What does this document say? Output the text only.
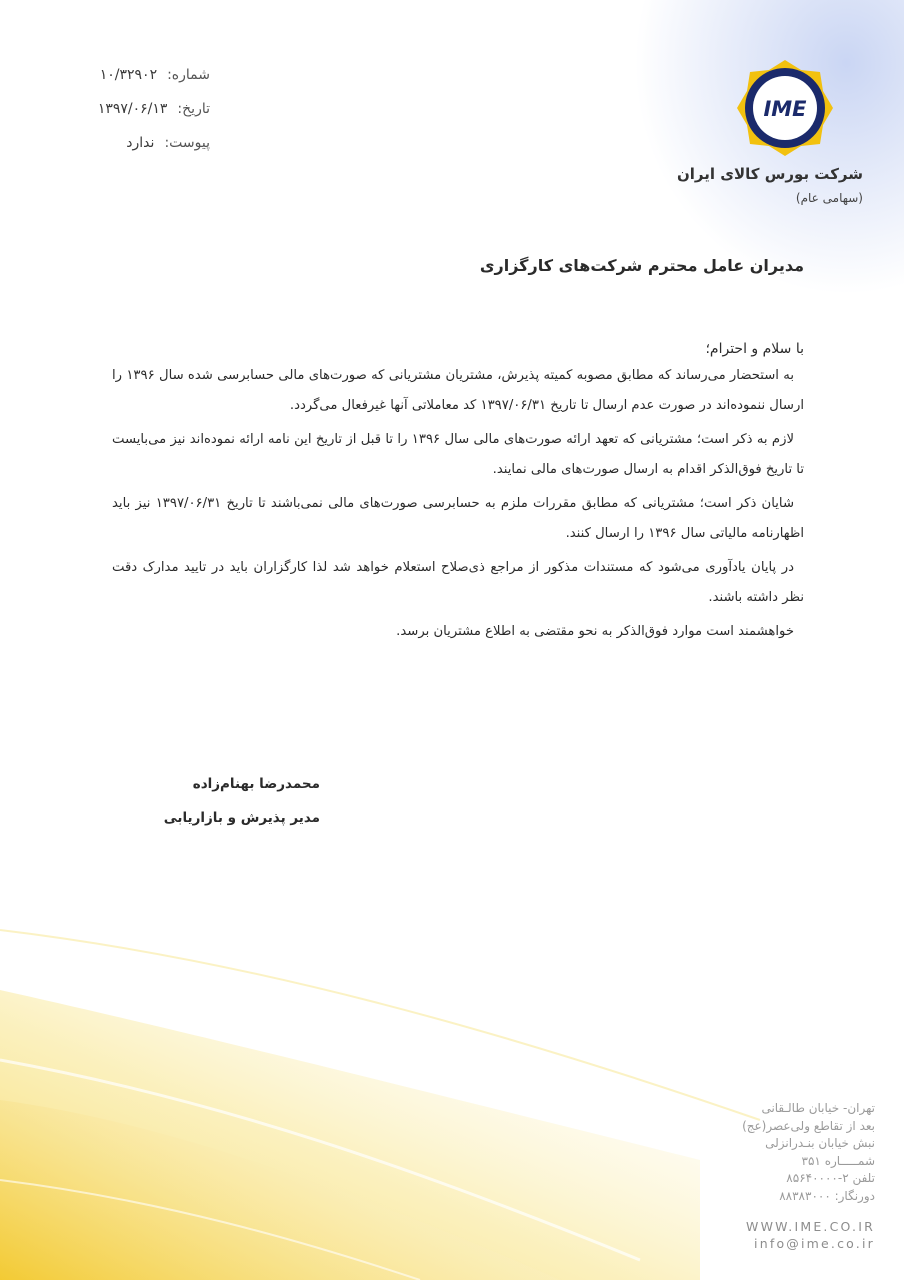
شماره:
۱۰/۳۲۹۰۲
تاریخ:
۱۳۹۷/۰۶/۱۳
پیوست:
ندارد
IME
شرکت بورس کالای ایران
(سهامی عام)

مدیران عامل محترم شرکت‌های کارگزاری

با سلام و احترام؛

به استحضار می‌رساند که مطابق مصوبه کمیته پذیرش، مشتریان مشتریانی که صورت‌های مالی حسابرسی شده سال ۱۳۹۶ را ارسال ننموده‌اند در صورت عدم ارسال تا تاریخ ۱۳۹۷/۰۶/۳۱ کد معاملاتی آنها غیرفعال می‌گردد.

لازم به ذکر است؛ مشتریانی که تعهد ارائه صورت‌های مالی سال ۱۳۹۶ را تا قبل از تاریخ این نامه ارائه نموده‌اند نیز می‌بایست تا تاریخ فوق‌الذکر اقدام به ارسال صورت‌های مالی نمایند.

شایان ذکر است؛ مشتریانی که مطابق مقررات ملزم به حسابرسی صورت‌های مالی نمی‌باشند تا تاریخ ۱۳۹۷/۰۶/۳۱ نیز باید اظهارنامه مالیاتی سال ۱۳۹۶ را ارسال کنند.

در پایان یادآوری می‌شود که مستندات مذکور از مراجع ذی‌صلاح استعلام خواهد شد لذا کارگزاران باید در تایید مدارک دقت نظر داشته باشند.

خواهشمند است موارد فوق‌الذکر به نحو مقتضی به اطلاع مشتریان برسد.

محمدرضا بهنام‌زاده
مدیر پذیرش و بازاریابی
تهران- خیابان طالـقانی
بعد از تقاطع ولی‌عصر(عج)
نبش خیابان بنـدرانزلی
شمـــــاره ۳۵۱
تلفن ۲-۸۵۶۴۰۰۰۰
دورنگار: ۸۸۳۸۳۰۰۰
WWW.IME.CO.IR
info@ime.co.ir
